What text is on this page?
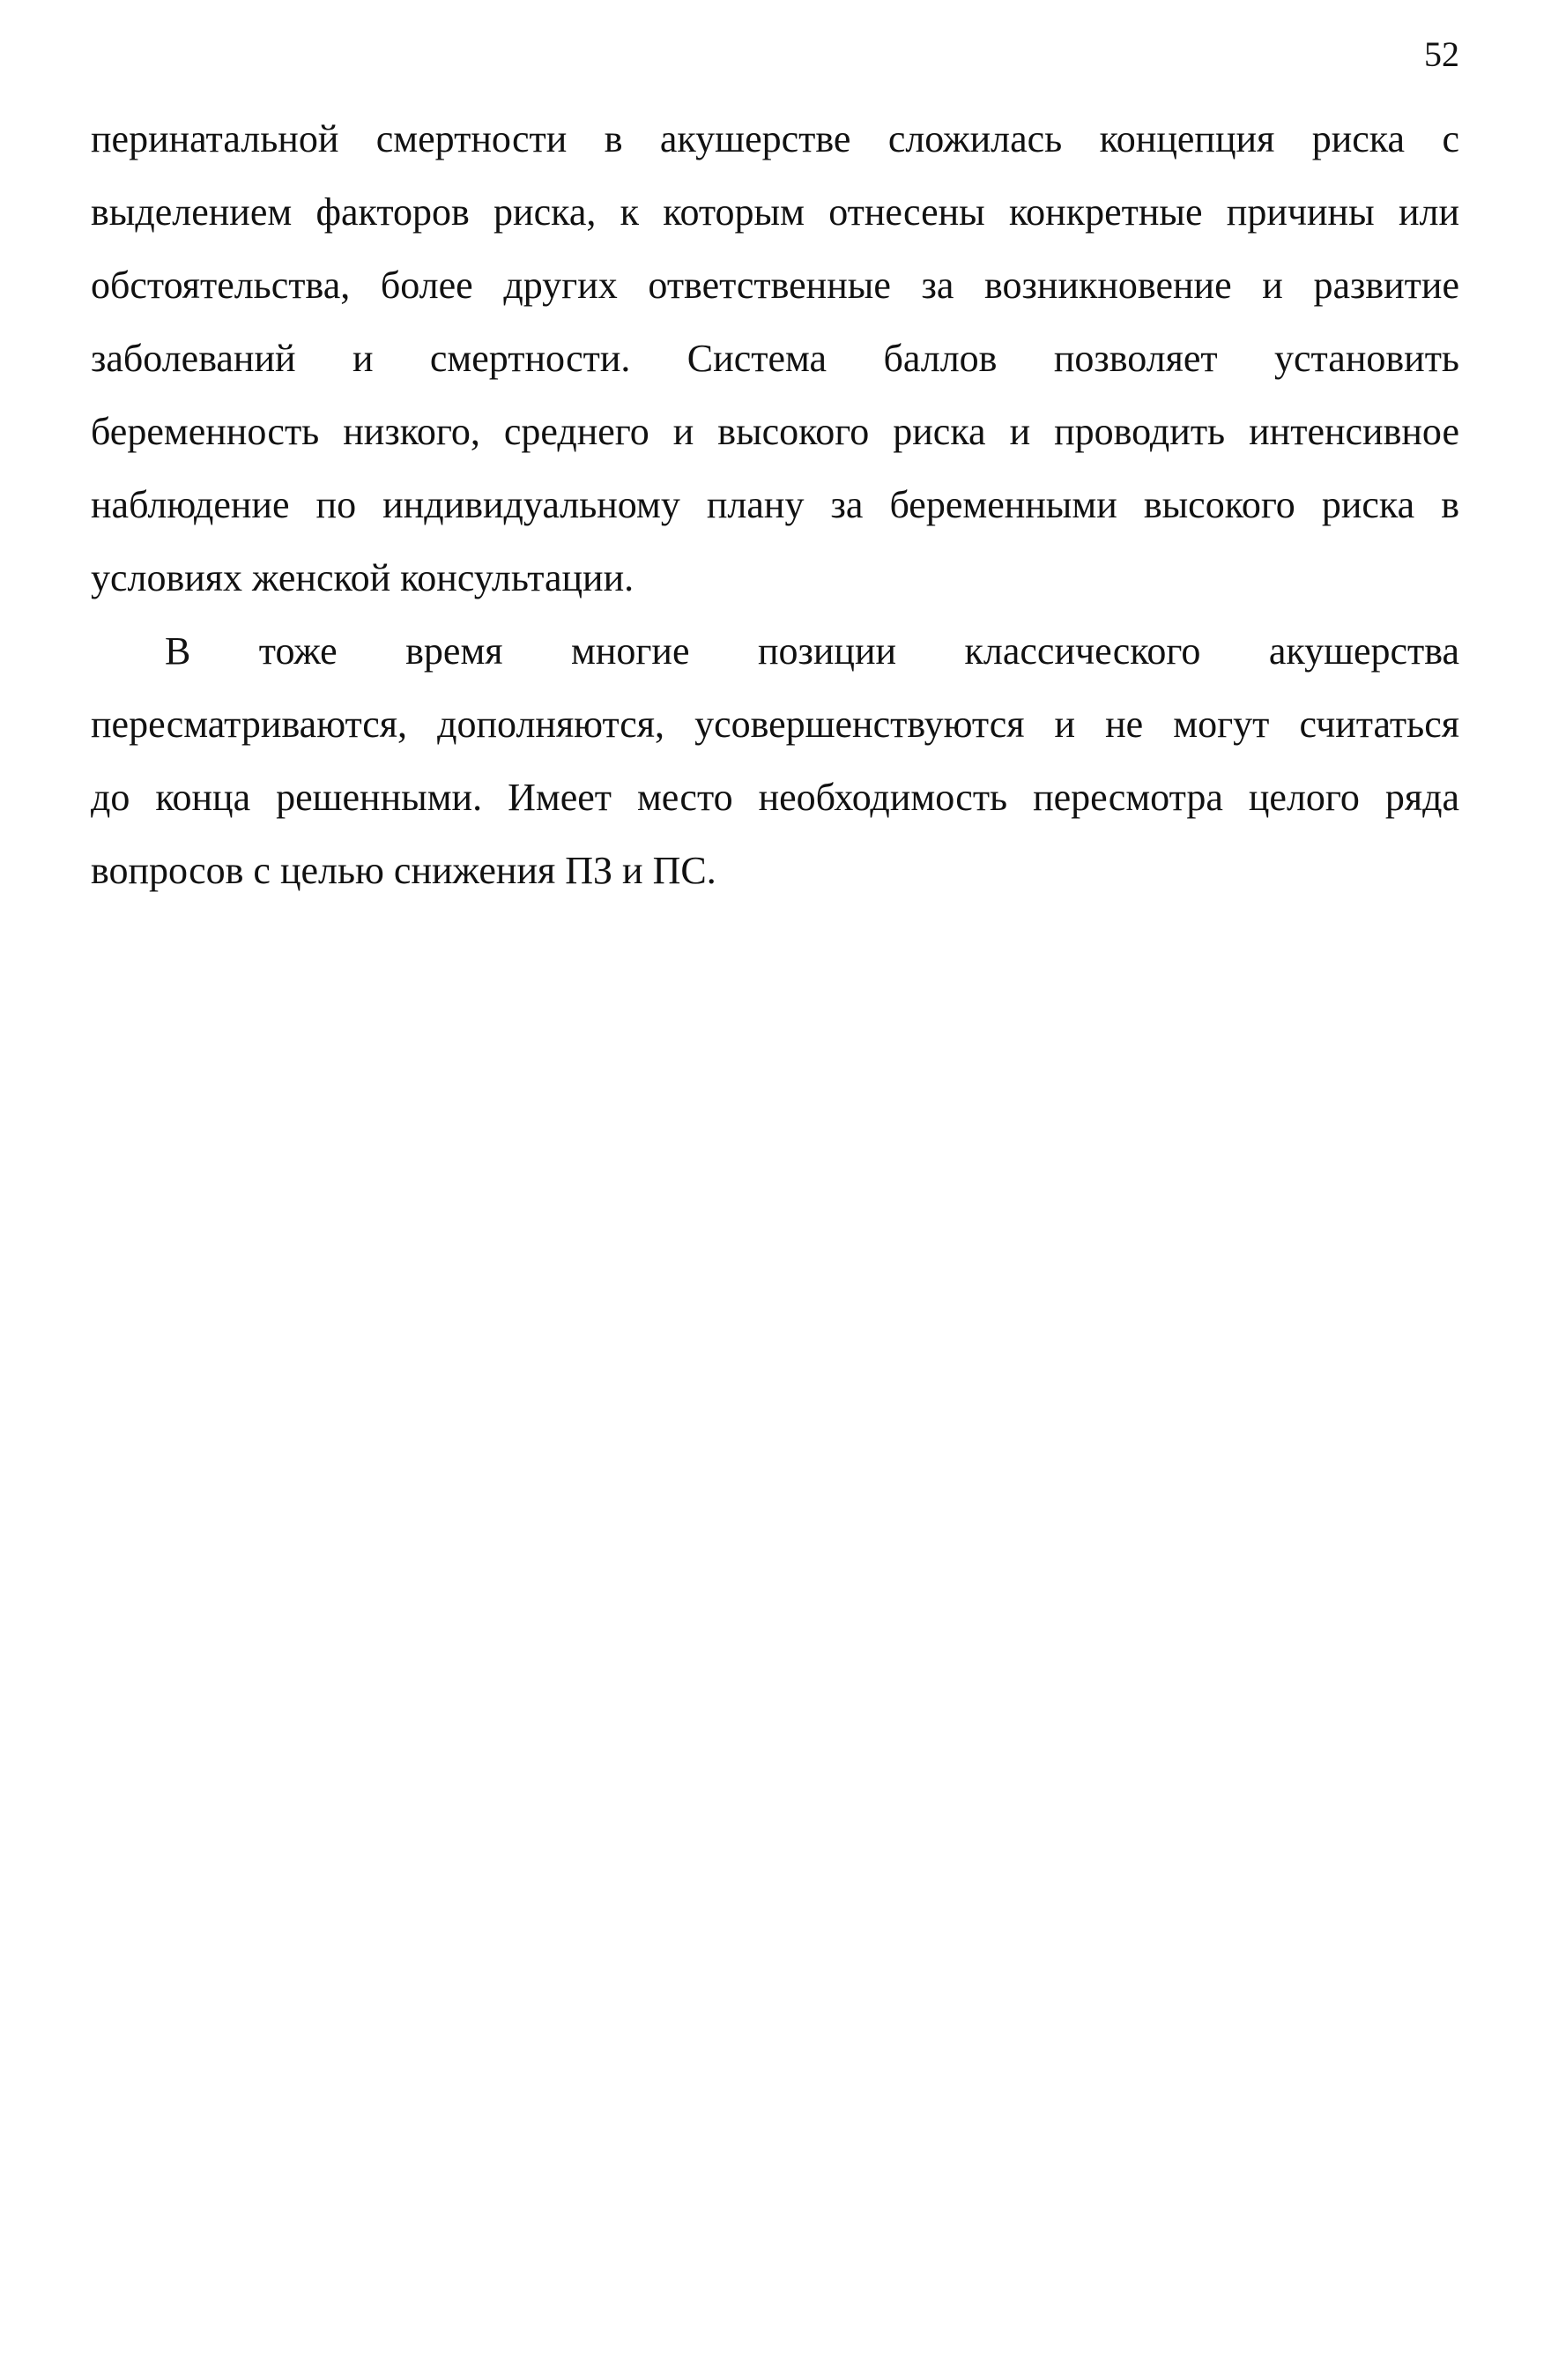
52

перинатальной смертности в акушерстве сложилась концепция риска с
выделением факторов риска, к которым отнесены конкретные причины или
обстоятельства, более других ответственные за возникновение и развитие
заболеваний и смертности. Система баллов позволяет установить
беременность низкого, среднего и высокого риска и проводить интенсивное
наблюдение по индивидуальному плану за беременными высокого риска в
условиях женской консультации.

В тоже время многие позиции классического акушерства
пересматриваются, дополняются, усовершенствуются и не могут считаться
до конца решенными. Имеет место необходимость пересмотра целого ряда
вопросов с целью снижения ПЗ и ПС.
